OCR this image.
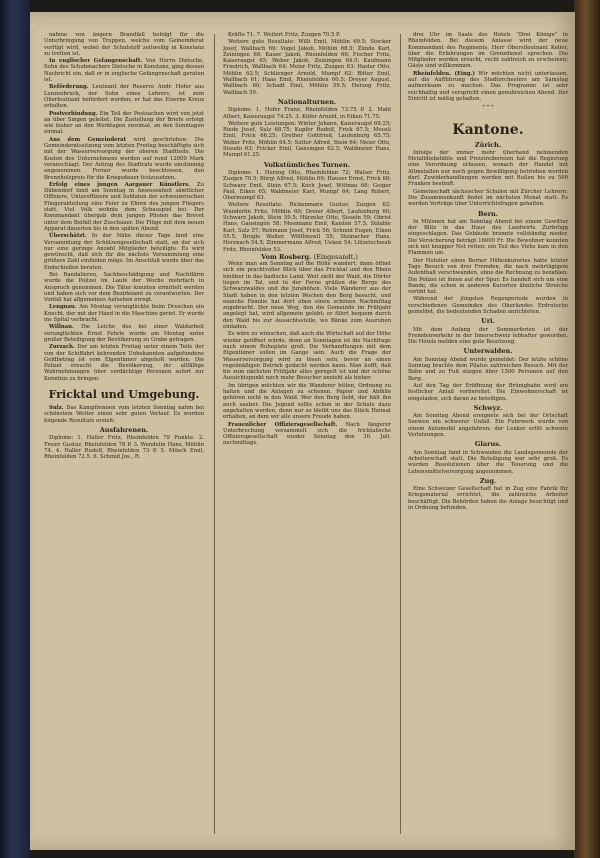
nahme von ängern Brandfall befolgt für die Unterbringung von Truppen, welche vom Gemeinderat verfügt wird, wobei der Schulstoff zeitweilig in Konstanz zu tretten ist.

In englischer Gefangenschaft. Von Herrn Dietsche, Sohn des Schuhmachers Dietsche in Konstanz, ging dessen Nachricht ein, daß er in englische Gefangenschaft geraten ist.

Beförderung. Leutnant der Reserve Andr. Hofer aus Lenzenbruck, der Sohn eines Lehrers, ist zum Oberleutnant befördert worden; er hat das Eiserne Kreuz erhalten.

Postverbindung. Ein Teil der Postsachen wird von jetzt an über Singen geleitet. Die Zustellung der Briefe erfolgt wie bisher an den Werktagen zweimal, an den Sonntagen einmal.

Aus dem Gemeinderat wird geschrieben: Die Gemeinderatssitzung vom letzten Freitag beschäftigte sich mit der Wasserversorgung der oberen Stadtteile. Die Kosten des Unternehmens werden auf rund 12000 Mark veranschlagt. Der Antrag des Stadtrats wurde einstimmig angenommen. Ferner wurde beschlossen, den Brennholzpreis für die Kriegsdauer festzusetzen.

Erfolg eines jungen Aargauer Künstlers. Zu Dübendorf fand am Sonntag in Anwesenheit sämtlicher Offiziere, Unteroffiziere und Soldaten der schweizerischen Fliegerabteilung eine Feier zu Ehren des jungen Fliegers statt. Viel Volk wohnte dem Schauspiel bei. Der Kommandant übergab dem jungen Piloten das Brevet unter dem Beifall der Zuschauer. Die Flüge mit dem neuen Apparat dauerten bis in den späten Abend.

Überschätzt. In der Nähe dieser Tage fand eine Versammlung der Schützengesellschaft statt, an der sich nur eine geringe Anzahl Mitglieder beteiligte. Es wird gewünscht, daß sich für die nächste Versammlung eine größere Zahl einfinden möge. Im Anschluß wurde über das Endschießen beraten.

Bei Randalieren, Sachbeschädigung und Nachtlärm wurde die Polizei im Laufe der Woche mehrfach in Anspruch genommen. Die Täter konnten ermittelt werden und haben sich vor dem Bezirksamt zu verantworten. Der Vorfall hat allgemeines Aufsehen erregt.

Lengnau. Am Montag verunglückte beim Dreschen ein Knecht, der mit der Hand in die Maschine geriet. Er wurde ins Spital verbracht.

Willnau. Die Leiche des bei einer Waldarbeit verunglückten Ernst Fehrle wurde am Montag unter großer Beteiligung der Bevölkerung zu Grabe getragen.

Zurzach. Der am letzten Freitag unter einem Teile der von der Schiffahrt kehrenden Unbekannten aufgefundene Geldbetrag ist vom Eigentümer abgeholt worden. Die Polizei ersucht die Bevölkerung, ihr allfällige Wahrnehmungen über verdächtige Personen sofort zur Kenntnis zu bringen.

Fricktal und Umgebung.

Sulz. Das Kampfrennen vom letzten Sonntag nahm bei schönstem Wetter einen sehr guten Verlauf. Es wurden folgende Resultate erzielt:

Ausfahrenen.

Diplome: 1. Haller Fritz, Rheinfelden 79 Punkte. 2. Treier Gustav, Rheinfelden 78 P. 3. Wendelin Hans, Möhlin 74. 4. Haller Rudolf, Rheinfelden 73 P. 5. Mösch Emil, Rheinfelden 72.5. 6. Schmid Jos., R.

Kräfte 71. 7. Weitert Fritz, Zuzgen 70.5 P.

Weitere gute Resultate: Willi Emil, Möhlin 69.5; Stocker Josef, Wallbach 69; Vogel Jakob, Möhlin 68.5; Zünde Karl, Zeiningen 68; Kauer Jakob, Rheinfelden 66; Fischer Fritz, Kaiseraugst 65; Weber Jakob, Zeiningen 64.5; Kaufmann Friedrich, Wallbach 64; Meier Fritz, Zuzgen 63; Hasler Otto, Möhlin 62.5; Schlienger Arnold, Mumpf 62; Bitter Emil, Wallbach 61; Haas Emil, Rheinfelden 60.5; Dreyer August, Wallbach 60; Schadt Emil, Möhlin 59.5; Herzog Fritz, Wallbach 59.

Nationalturnen.

Diplome: 1. Hofer Franz, Rheinfelden 73.75 P. 2. Mahl Albert, Kaiseraugst 74.25. 3. Küfer Arnold, in Eiken 71.75.

Weitere gute Leistungen: Winter Johann, Kaiseraugst 69.25; Riede Josef, Sulz 68.75; Kupfer Rudolf, Frick 67.5; Moosli Emil, Frick 66.25; Grether Gottfried, Laufenburg 65.75; Weber Fritz, Möhlin 64.5; Sutter Alfred, Stein 64; Meier Otto, Sisseln 63; Fricker Emil, Gansingen 62.5; Waldmeier Hans, Mumpf 61.25.

Volkstümliches Turnen.

Diplome: 1. Herzog Otto, Rheinfelden 72; Walser Fritz, Zuzgen 70.5; Bürgi Alfred, Möhlin 69; Hauser Ernst, Frick 68; Schwarz Emil, Stein 67.5; Koch Josef, Wittnau 66; Geiger Paul, Eiken 65; Waldmeier Karl, Mumpf 64; Lang Robert, Obermumpf 63.

Weitere Resultate: Rickenmann Gustav, Zuzgen 62; Wunderlin Fritz, Möhlin 60; Dreier Albert, Laufenburg 60; Schwarz Jakob, Stein 59.5; Hürzeler Otto, Sisseln 59; Obrist Hans, Gansingen 58; Mosimann Emil, Kaisten 57.5; Stäuble Karl, Sulz 57; Rehmann Josef, Frick 56; Schmid Eugen, Eiken 55.5; Brogle Walter, Wölflinswil 55; Steinacher Hans, Herznach 54.5; Zimmermann Alfred, Ueken 54; Lützelschwab Fritz, Rheinfelden 53.

Vom Rosberg. (Eingesandt.)

Wenn man am Sonntag auf die Höhe wandert, dann öffnet sich ein prachtvoller Blick über das Fricktal und den Rhein hinüber in das badische Land. Weit zieht der Wald, die Dörfer liegen im Tal, und in der Ferne grüßen die Berge des Schwarzwaldes und die Jurahöhen. Viele Wanderer aus der Stadt haben in den letzten Wochen den Berg besucht, und manche Familie hat dort oben einen schönen Nachmittag zugebracht. Der neue Weg, den die Gemeinde im Frühjahr angelegt hat, wird allgemein gelobt; er führt bequem durch den Wald bis zur Aussichtsstelle, wo Bänke zum Ausruhen einladen.

Es wäre zu wünschen, daß auch die Wirtschaft auf der Höhe wieder geöffnet würde, denn an Sonntagen ist die Nachfrage nach einem Ruheplatz groß. Die Verhandlungen mit dem Eigentümer sollen im Gange sein. Auch die Frage der Wasserversorgung wird zu lösen sein, bevor an einen regelmäßigen Betrieb gedacht werden kann. Man hofft, daß bis zum nächsten Frühjahr alles geregelt ist und der schöne Aussichtspunkt noch mehr Besucher anzieht als bisher.

Im übrigen möchten wir die Wanderer bitten, Ordnung zu halten und die Anlagen zu schonen. Papier und Abfälle gehören nicht in den Wald. Wer den Berg liebt, der hält ihn auch sauber. Die Jugend sollte schon in der Schule dazu angehalten werden, denn nur so bleibt uns das Stück Heimat erhalten, an dem wir alle unsere Freude haben.

Frauenlicher Offiziersgesellschaft. Nach längerer Unterbrechung versammelt sich die fricktalische Offiziersgesellschaft wieder Sonntag den 30. Juli, nachmittags.

drei Uhr im Saale des Hotels "Drei Könige" in Rheinfelden. Bei diesem Anlasse wird der neue Kommandant des Regiments, Herr Oberstleutnant Keller, über die Erfahrungen im Grenzdienst sprechen. Die Mitglieder werden ersucht, recht zahlreich zu erscheinen; Gäste sind willkommen.

Rheinfelden. (Eing.) Wir möchten nicht unterlassen, auf die Aufführung des Stadtorchesters am Samstag aufmerksam zu machen. Das Programm ist sehr reichhaltig und verspricht einen genußreichen Abend. Der Eintritt ist mäßig gehalten.

* * *
Kantone.
Zürich.

Infolge der immer mehr überhand nehmenden Metalldiebstähle und Preistreibereien hat die Regierung eine Verordnung erlassen, wonach der Handel mit Altmetallen nur noch gegen Bewilligung betrieben werden darf. Zuwiderhandlungen werden mit Bußen bis zu 500 Franken bestraft.

Gemeinschaft sächsischer Schulen mit Zürcher Lehrern: Die Zusammenkunft findet im nächsten Monat statt. Es werden Vorträge über Unterrichtsfragen gehalten.

Bern.

In Mülenen hat am Sonntag Abend bei einem Gewitter der Blitz in das Haus des Landwirts Zurbrügg eingeschlagen. Das Gebäude brannte vollständig nieder. Die Versicherung beträgt 16000 Fr. Die Bewohner konnten sich mit knapper Not retten; ein Teil des Viehs kam in den Flammen um.

Der Hotelier eines Berner Höhenkurortes hatte letzter Tage Besuch von drei Fremden, die nach mehrtägigem Aufenthalt verschwanden, ohne die Rechnung zu bezahlen. Die Polizei ist ihnen auf der Spur. Es handelt sich um eine Bande, die schon in anderen Kurorten ähnliche Streiche verübt hat.

Während der jüngsten Regenperiode wurden in verschiedenen Gemeinden des Oberlandes Erdrutsche gemeldet, die bedeutenden Schaden anrichteten.

Uri.

Mit dem Anfang der Sommerferien ist der Fremdenverkehr in der Innerschweiz lebhafter geworden. Die Hotels melden eine gute Besetzung.

Unterwalden.

Am Sonntag Abend wurde gemeldet: Der letzte schöne Sonntag brachte dem Pilatus zahlreichen Besuch. Mit der Bahn und zu Fuß stiegen über 1500 Personen auf den Berg.

Auf den Tag der Eröffnung der Brünigbahn wird ein festlicher Anlaß vorbereitet. Die Einwohnerschaft ist eingeladen, sich daran zu beteiligen.

Schwyz.

Am Sonntag Abend ereignete sich bei der Ortschaft Seewen ein schwerer Unfall. Ein Fuhrwerk wurde von einem Automobil angefahren; der Lenker erlitt schwere Verletzungen.

Glarus.

Am Sonntag fand in Schwanden die Landsgemeinde der Arbeiterschaft statt. Die Beteiligung war sehr groß. Es wurden Resolutionen über die Teuerung und die Lebensmittelversorgung angenommen.

Zug.

Eine Schweizer Gesellschaft hat in Zug eine Fabrik für Kriegsmaterial errichtet, die zahlreiche Arbeiter beschäftigt. Die Behörden haben die Anlage besichtigt und in Ordnung befunden.
